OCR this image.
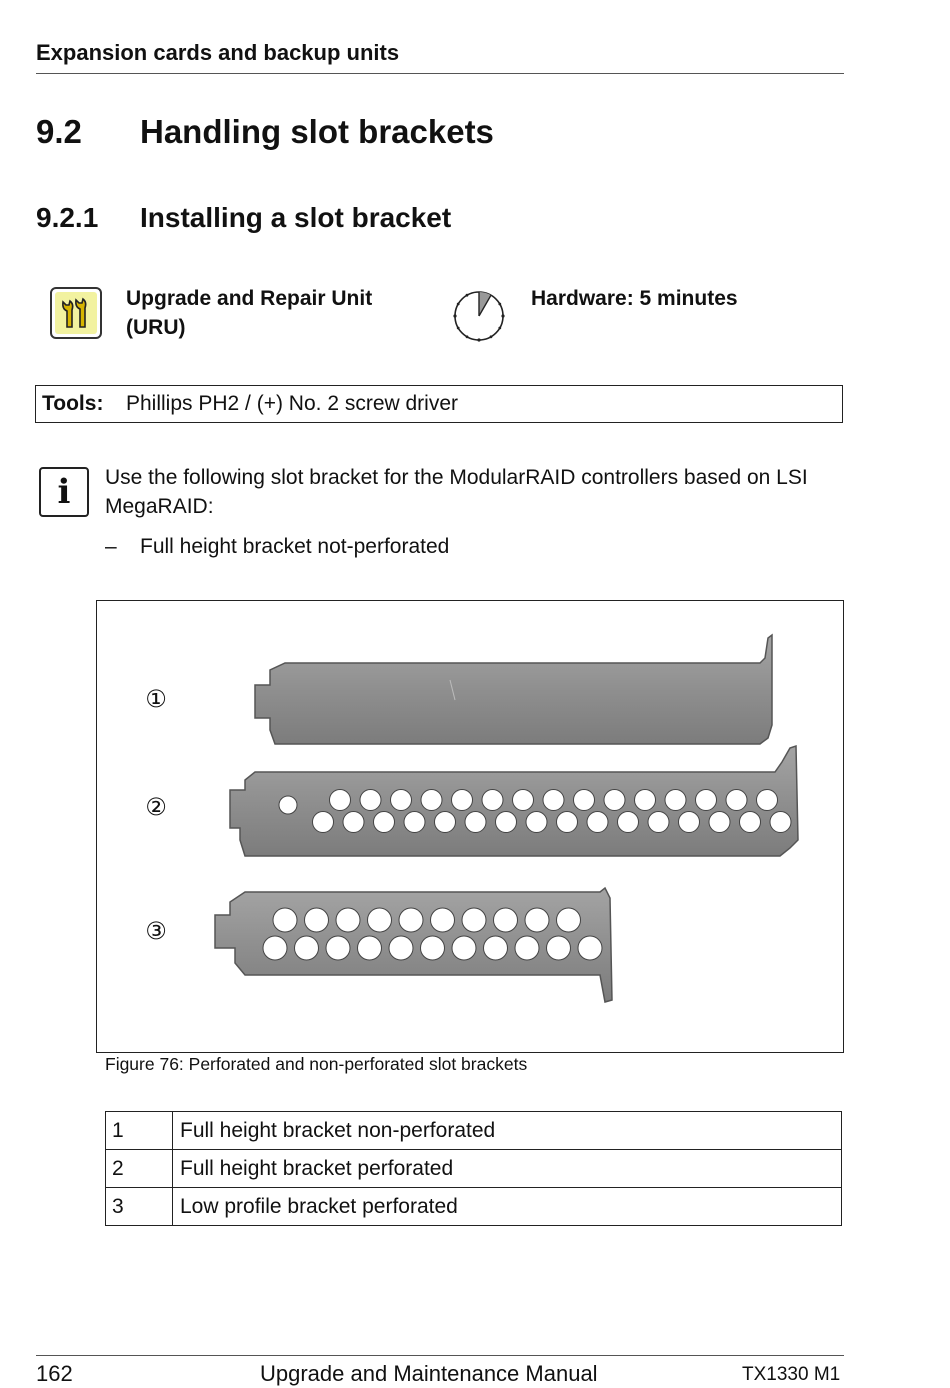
Expansion cards and backup units
9.2 Handling slot brackets
9.2.1 Installing a slot bracket
Upgrade and Repair Unit
(URU)
Hardware: 5 minutes
Tools: Phillips PH2 / (+) No. 2 screw driver
i	Use the following slot bracket for the ModularRAID controllers based on LSI MegaRAID:
– Full height bracket not-perforated
①
②
③
Figure 76: Perforated and non-perforated slot brackets
1	Full height bracket non-perforated
2	Full height bracket perforated
3	Low profile bracket perforated
162	Upgrade and Maintenance Manual	TX1330 M1
